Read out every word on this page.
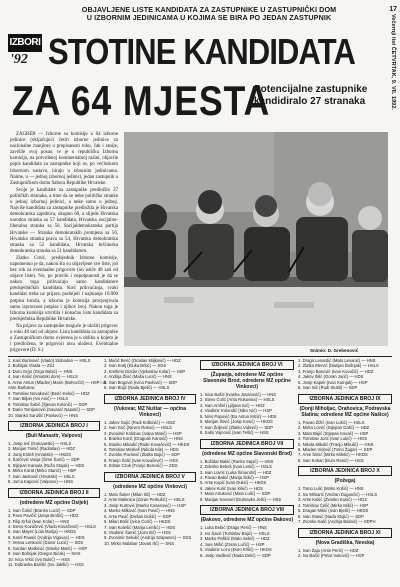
OBJAVLJENE LISTE KANDIDATA ZA ZASTUPNIKE U ZASTUPNIČKI DOM
U IZBORNIM JEDINICAMA U KOJIMA SE BIRA PO JEDAN ZASTUPNIK
17
Večernji list ČETVRTAK, 9. VII. 1992.
IZBORI
'92 STOTINE KANDIDATA
ZA 64 MJESTA
Potencijalne zastupnike kandidiralo 27 stranaka

ZAGREB — Izborne su komisije u 64 izborne jedinice (uključujući četiri izborne jedinice za nacionalne manjine) u propisanom roku, čak i ranije, završile svoj posao, te je u republičku Izbornu komisiju, na potvrđenoj kontinentalnoj razini, objavile popis kandidata za zastupnike koji se, po većinskom izbornom sustavu, biraju u izbornim jedinicama. Naime, u — jednoj izbornoj jedinici, jedan zastupnik u Zastupničkom domu Sabora Republike Hrvatske.

Svoje je kandidate za zastupnike predložilo 27 političkih stranaka, a time da se neke političke stranke u jednoj izbornoj jedinici, a neke samo u jednoj. Najviše kandidata za zastupnike predložila je Hrvatska demokratska zajednica, ukupno 60, a slijede Hrvatska narodna stranka sa 57 kandidata, Hrvatska socijalno-liberalna stranka sa 56, Socijaldemokratska partija Hrvatske — Stranka demokratskih promjena sa 56, Hrvatska stranka prava sa 54, Hrvatska demokratska stranka sa 52 kandidata, Hrvatska kršćanska demokratska stranka sa 51 kandidatom.

Zlatko Crnić, predsjednik Izborne komisije, napomenuo je da, nakon što su objavljene sve liste, još bez rok za eventualne prigovore (on ističe 48 sati od objave liste). No, po pravilu i nepotpunosti je da se nakon toga prihvaćaju samo kandidature predsjedničkih kandidata. Kod prihvaćanja, svaki kandidat treba uz prijavu podnijeti i najmanje 10.000 potpisa birača, a izborna je komisija procjenjivala samo ispravnost potpisa i njihov broj. Nakon toga je Izborna komisija utvrdila i konačnu listu kandidata za predsjednika Republike Hrvatske.

Na prijave za zastupnike moguće je uložiti prigovor u roku 48 sati od objave. Lista kandidata za zastupnike u Zastupničkom domu ovjerena je u obliku u kojem je i predložena, te prigovori nisu uloženi. Eventualne prigovore (D. S.)	Snimio: D. Grebenović
1. Kaić Đurinović (Vlado) Slobodan — HSLS
2. Bošnjak Vlasta — ZSJ
3. Duro Grgo (Grga Babić) — HNS
4. Ivan Kokić (Hrvatski dom) — HSLS
5. Anne Antun (Mladen) Marin (Bohovčić) — HSP i dr.
Ante Barbarac
6. Tomislav Novaković (Berić-Kekić) — HDZ
7. Ivan Biljan (Ivo Anić) — HSLS
8. Tomislav Šubić (Šjevan Kolonić) — SDP
9. Dario Tomljanović (Savanić Naputić) — SDP
10. Stanko Sarušić (Pavlovci) — HNS
IZBORNA JEDINICA BROJ I
(Buli Manastir, Valpovo)
1. Josip Ivić (Daruvarski) — HSLS
2. Marijan Tomić (Radoslav) — HDZ
3. Juraj Erdeš (Hrvatski) — HKDS
4. Šarčević Vanja (Šime Šarić) — SDP
5. Stjepan Karaula (Ruža Stojak) — HDS
6. Mirko Korat (Mirko Stanić) — HSP
7. Ivan Janković (Hrvatski) — HSLS
8. Jurca Kapović (Valpovo) — HNS
IZBORNA JEDINICA BROJ II
(odredene MZ općine Osijek)
1. Ivan Čokić (Branko Lucić) — SDP
2. Pavo Pavičić (Janja Brošić) — HDZ
3. Filip Kršul (Ivan Kolar) — HNS
4. Stevo Kovačević (Vlado Kovačević) — HSLS
5. Ivan Mayer (Lola Marija) — HKDS
6. Karol Pausić (Andrija Vigovac) — HDS
7. Vesna Lenković (Davor Lucić) — SDS
8. Gordan Matković (Slavko Matić) — HSP
9. Ivan Bošnjak (Gregor Bićak) — NHS
10. Ivica Vrkić (Ivo Bukić) — HSS
11. Dubravka Barišić (Ivo Jakšić) — HSS
1. Maćić Berić (Oroslav Miljković) — HDZ
2. Ivan Kralj (Kluka Brkic) — SDS
3. Krešimir Dizdar (Vjekoslav Kolar) — HSP
4. Andrija Živić (Maša Lucić) — HNS
5. Ivan Bogović (Ivica Pavlović) — SDP
6. Ivan Bojić (Nada Bjelić) — HSLS
IZBORNA JEDINICA BROJ IV
(Vukovar, MZ Nuštar — općina Vinkovci)
1. Jakov Gujić (Rudi Kolbović) — HDZ
2. Ivan Goć (Neven Rukov) — HSLS
3. Zvonimir Kolebac (Ivana Marić) — HSP
4. Branko Korić (Dragutin Karović) — HNS
5. Stanko Mikadić (Rade Kovačević) — HKDS
6. Tomislav Merkeš (Nikola Klis) — HDS
7. Zvonko Pavlović (Zlatko Bujić) — SDP
8. Franjo Šolić (Ivan Kovačević) — HSS
9. Zoltan Czuk (Franjo Bencsić) — ZDS
IZBORNA JEDINICA BROJ V
(odredene MZ općine Vinkovci)
1. Mato Šuker (Milan Ilić) — HDZ
2. Ante Malenica (Zoran Perkušić) — HSLS
3. Josip Kurtović (Marko Kosanović) — HSP
4. Marko Milković (Ivan Pavić) — HNS
5. Ante Pavić (Dušan Dukić) — SDP
6. Milan Bolić (Ivica Ćorić) — HKDS
7. Ivan Kolešić (Marija Lenšić) — HDS
8. Vladimir Šamić (Jozo Ilić) — HSS
9. Zvonimir Sekulić (Andrija Szapanec) — SDS
10. Mirko Malabar (Jovan Ilić) — SNS
IZBORNA JEDINICA BROJ VI
(Županja, odredene MZ općine Slavonski Brod, odredene MZ općine Vinkovci)
1. Ivica Bašić (Ivanka Jovanović) — HNS
2. Stevo Ćolić (Anta Rukavina) — HSLS
3. Ivan Amšel (Ljiljana Ivić) — HDZ
4. Vladimir Kolundić (Niko Ivić) — HSP
5. Nino Papović (Đo Antun Mizić) — HDS
6. Marijan Štivić (Josip Kosić) — HKDS
7. Ivan Žuljević (Zlatko Vidović) — SDP
8. Sašo Vojnović (Ivan Tešić) — HSS
IZBORNA JEDINICA BROJ VII
(odredene MZ općine Slavonski Brod)
1. Božidar Bakić (Ranko Sapić) — HNS
2. Zdenko Bebek (Ivan Lesić) — HSLS
3. Ivan Lovrić (Luka Šimundić) — HDZ
4. Pavao Babić (Marija Šolić) — HSP
5. Ante Kopić (Ivan Dukić) — HKDS
6. Jakov Kulić (Ivan Kikić) — HDS
7. Mato Artuković (Mato Lulić) — SDP
8. Marijan Novosel (Dubravko Jelić) — HSS
IZBORNA JEDINICA BROJ VIII
(Đakovo, odredene MZ općine Đakovo)
1. Luka Bebić (Drago Perić) — HNS
2. Ivo Šavić (Tomislav Bajić) — HSLS
3. Marko Paškić (Mato Sekić) — HDZ
4. Jure Mišić (Zoran Lučić) — HSP
5. Vladimir Lozo (Đuro Kršić) — HKDS
6. Josip Vadlević (Nada Delić) — SDP
1. Drago Lenardić (Mato Levanić) — HNS
2. Zlatko Mervić (Marijan Bošnjak) — HSLS
3. Franjo Banović (Ivan Kovačić) — HDZ
4. Jakov Šilić (Goran Jurić) — HDS
5. Josip Kapek (Ivan Kutnjak) — HSP
6. Ivan Ivić (Rudi Stubli) — SDP
IZBORNA JEDINICA BROJ IX
(Donji Miholjac, Orahovica, Podravska Slatina; odredene MZ općine Našice)
1. Pavao Žižić (Ivan Lukić) — HSLS
2. Mirko Lovrić (Stjepan Galić) — HDZ
3. Mato Bajić (Stjepan Kovač) — HSP
4. Tomislav Jurić (Ivan Lukić) — HDS
5. Nikola Mikulić (Franjo Mikulić) — HNS
6. Mladen Vidović (Tomo Žagar) — SDP
7. Ante Šimić (Mirko Miletić) — HKDS
8. Ivan Kokan (Đuro Ranić) — HSS
IZBORNA JEDINICA BROJ X
(Požega)
1. Tomo Lulić (Mirko Košić) — HNS
2. Ivo Mlinarić (Vedran Dugančić) — HSLS
3. Ante Kekić (Zvonko Kunić) — HDZ
4. Tomislav Čelić (Mirko Milić) — HSP
5. Dragan Mikić (Ivan Bjelić) — HKDS
6. Ivan Stanić (Nada Stojić) — SDP
7. Zvonko Kalić (Andrija Batinić) — SDPH
IZBORNA JEDINICA BROJ XI
(Nova Gradiška, Nevska)
1. Ivan Žaja (Ante Perić) — HDZ
2. Ivo Bačić (Petar Vuković) — HSP
